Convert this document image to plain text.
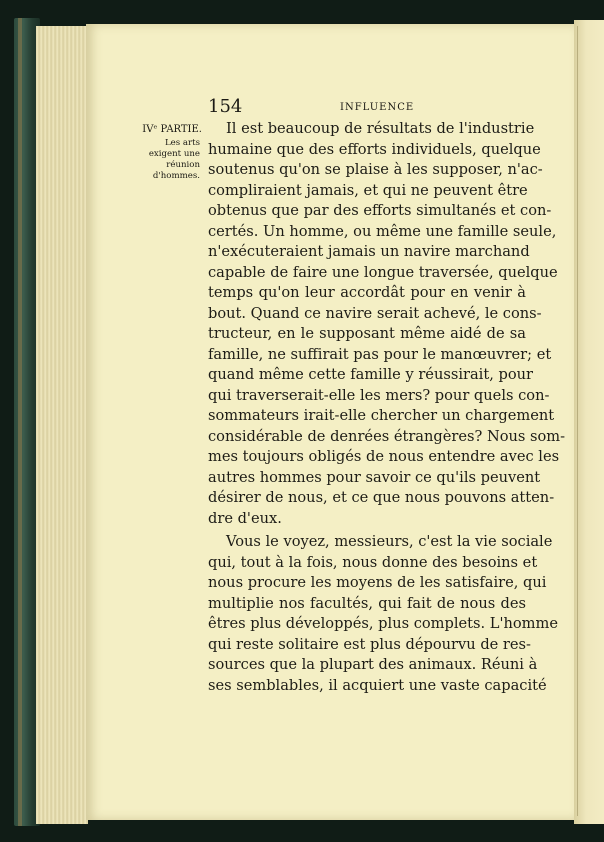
154	INFLUENCE
IVᵉ PARTIE.
Les arts
exigent une
réunion
d'hommes.
Il est beaucoup de résultats de l'industrie
humaine que des efforts individuels, quelque
soutenus qu'on se plaise à les supposer, n'ac-
compliraient jamais, et qui ne peuvent être
obtenus que par des efforts simultanés et con-
certés. Un homme, ou même une famille seule,
n'exécuteraient jamais un navire marchand
capable de faire une longue traversée, quelque
temps qu'on leur accordât pour en venir à
bout. Quand ce navire serait achevé, le cons-
tructeur, en le supposant même aidé de sa
famille, ne suffirait pas pour le manœuvrer; et
quand même cette famille y réussirait, pour
qui traverserait-elle les mers? pour quels con-
sommateurs irait-elle chercher un chargement
considérable de denrées étrangères? Nous som-
mes toujours obligés de nous entendre avec les
autres hommes pour savoir ce qu'ils peuvent
désirer de nous, et ce que nous pouvons atten-
dre d'eux.
Vous le voyez, messieurs, c'est la vie sociale
qui, tout à la fois, nous donne des besoins et
nous procure les moyens de les satisfaire, qui
multiplie nos facultés, qui fait de nous des
êtres plus développés, plus complets. L'homme
qui reste solitaire est plus dépourvu de res-
sources que la plupart des animaux. Réuni à
ses semblables, il acquiert une vaste capacité
